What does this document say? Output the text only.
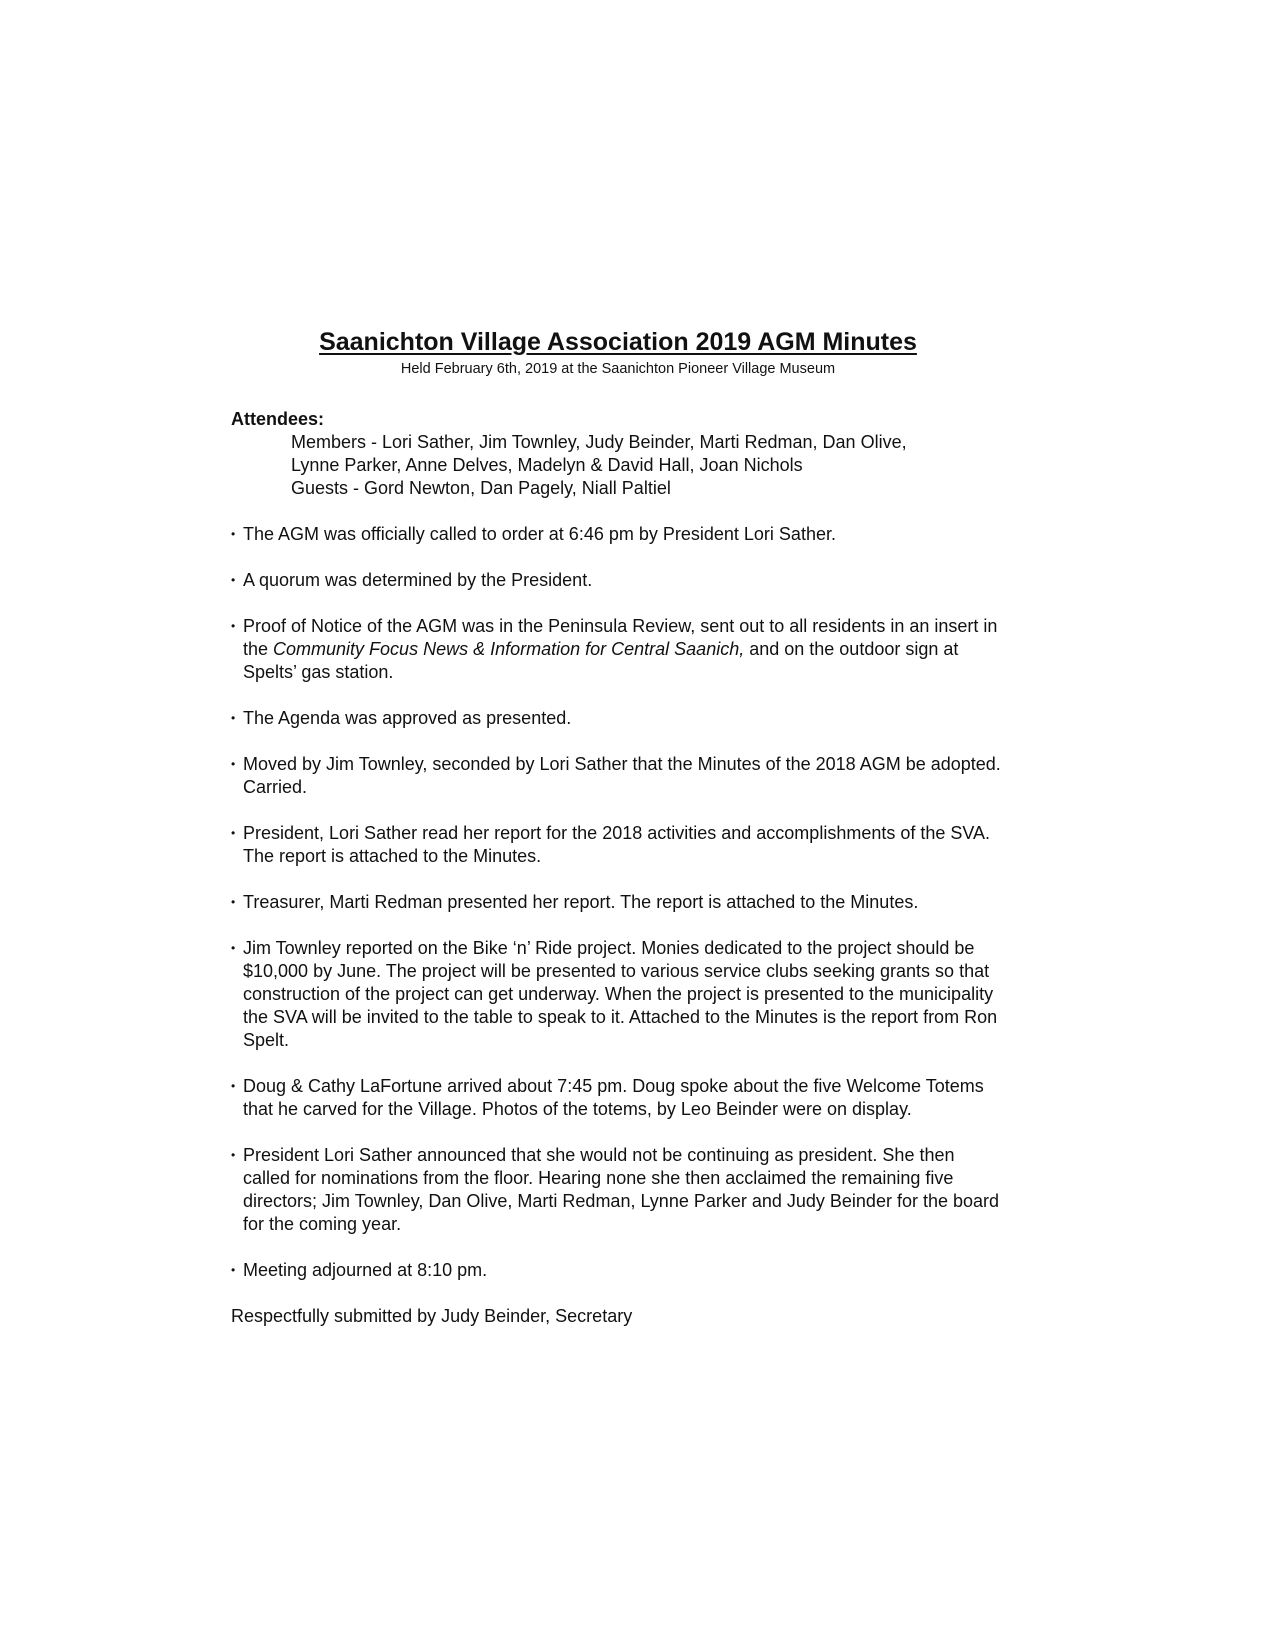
Saanichton Village Association 2019 AGM Minutes

Held February 6th, 2019 at the Saanichton Pioneer Village Museum

Attendees:
Members - Lori Sather, Jim Townley, Judy Beinder, Marti Redman, Dan Olive,
Lynne Parker, Anne Delves, Madelyn & David Hall, Joan Nichols
Guests - Gord Newton, Dan Pagely, Niall Paltiel
• The AGM was officially called to order at 6:46 pm by President Lori Sather.

• A quorum was determined by the President.

• Proof of Notice of the AGM was in the Peninsula Review, sent out to all residents in an insert in the Community Focus News & Information for Central Saanich, and on the outdoor sign at Spelts’ gas station.

• The Agenda was approved as presented.

• Moved by Jim Townley, seconded by Lori Sather that the Minutes of the 2018 AGM be adopted. Carried.

• President, Lori Sather read her report for the 2018 activities and accomplishments of the SVA. The report is attached to the Minutes.

• Treasurer, Marti Redman presented her report. The report is attached to the Minutes.

• Jim Townley reported on the Bike ‘n’ Ride project. Monies dedicated to the project should be $10,000 by June. The project will be presented to various service clubs seeking grants so that construction of the project can get underway. When the project is presented to the municipality the SVA will be invited to the table to speak to it. Attached to the Minutes is the report from Ron Spelt.

• Doug & Cathy LaFortune arrived about 7:45 pm. Doug spoke about the five Welcome Totems that he carved for the Village. Photos of the totems, by Leo Beinder were on display.

• President Lori Sather announced that she would not be continuing as president. She then called for nominations from the floor. Hearing none she then acclaimed the remaining five directors; Jim Townley, Dan Olive, Marti Redman, Lynne Parker and Judy Beinder for the board for the coming year.

• Meeting adjourned at 8:10 pm.

Respectfully submitted by Judy Beinder, Secretary
